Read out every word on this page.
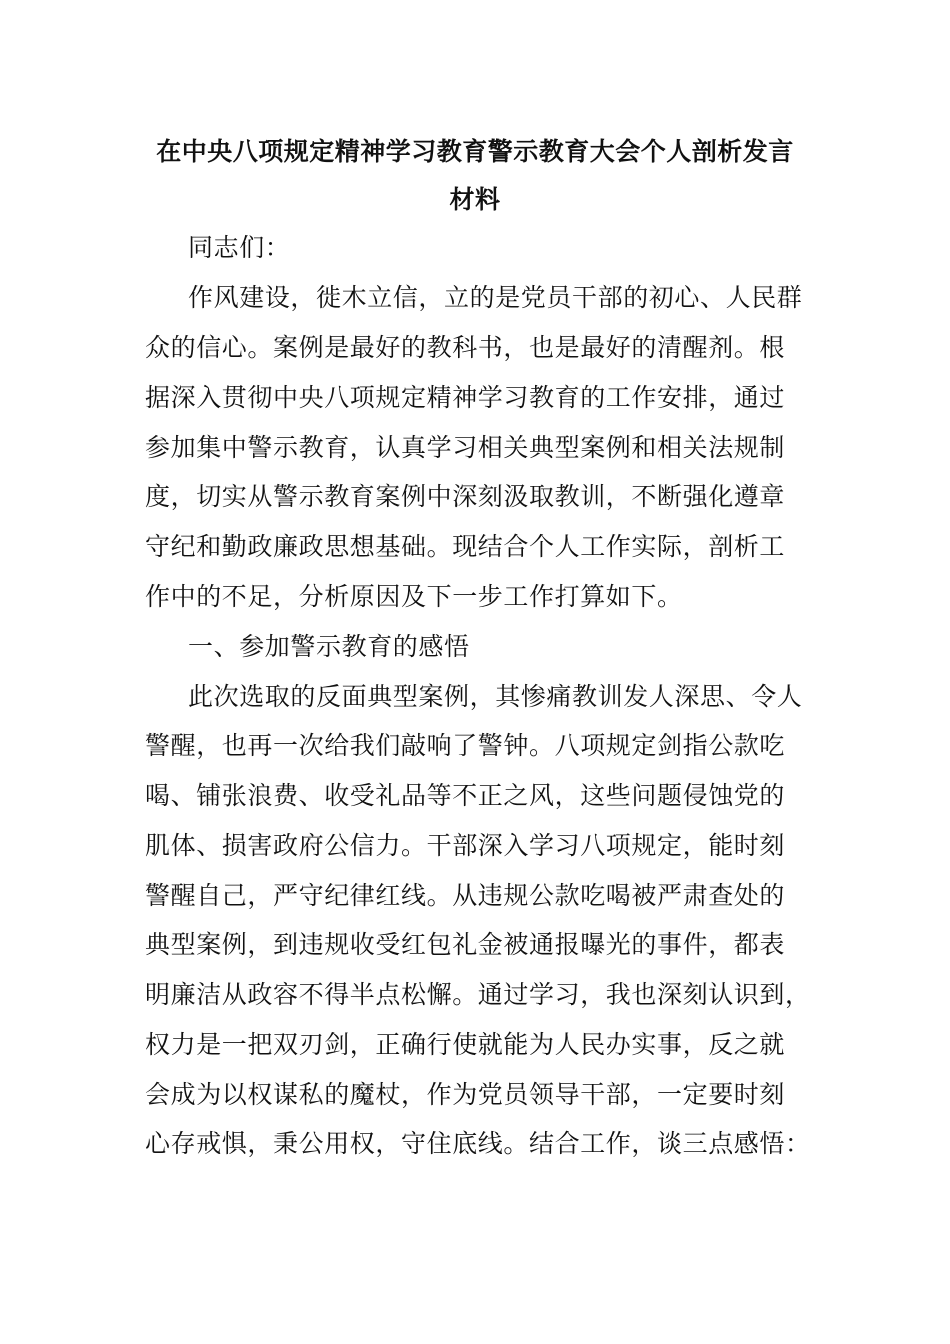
在中央八项规定精神学习教育警示教育大会个人剖析发言
材料
同志们：
作风建设，徙木立信，立的是党员干部的初心、人民群
众的信心。案例是最好的教科书，也是最好的清醒剂。根
据深入贯彻中央八项规定精神学习教育的工作安排，通过
参加集中警示教育，认真学习相关典型案例和相关法规制
度，切实从警示教育案例中深刻汲取教训，不断强化遵章
守纪和勤政廉政思想基础。现结合个人工作实际，剖析工
作中的不足，分析原因及下一步工作打算如下。
一、参加警示教育的感悟
此次选取的反面典型案例，其惨痛教训发人深思、令人
警醒，也再一次给我们敲响了警钟。八项规定剑指公款吃
喝、铺张浪费、收受礼品等不正之风，这些问题侵蚀党的
肌体、损害政府公信力。干部深入学习八项规定，能时刻
警醒自己，严守纪律红线。从违规公款吃喝被严肃查处的
典型案例，到违规收受红包礼金被通报曝光的事件，都表
明廉洁从政容不得半点松懈。通过学习，我也深刻认识到，
权力是一把双刃剑，正确行使就能为人民办实事，反之就
会成为以权谋私的魔杖，作为党员领导干部，一定要时刻
心存戒惧，秉公用权，守住底线。结合工作，谈三点感悟：
